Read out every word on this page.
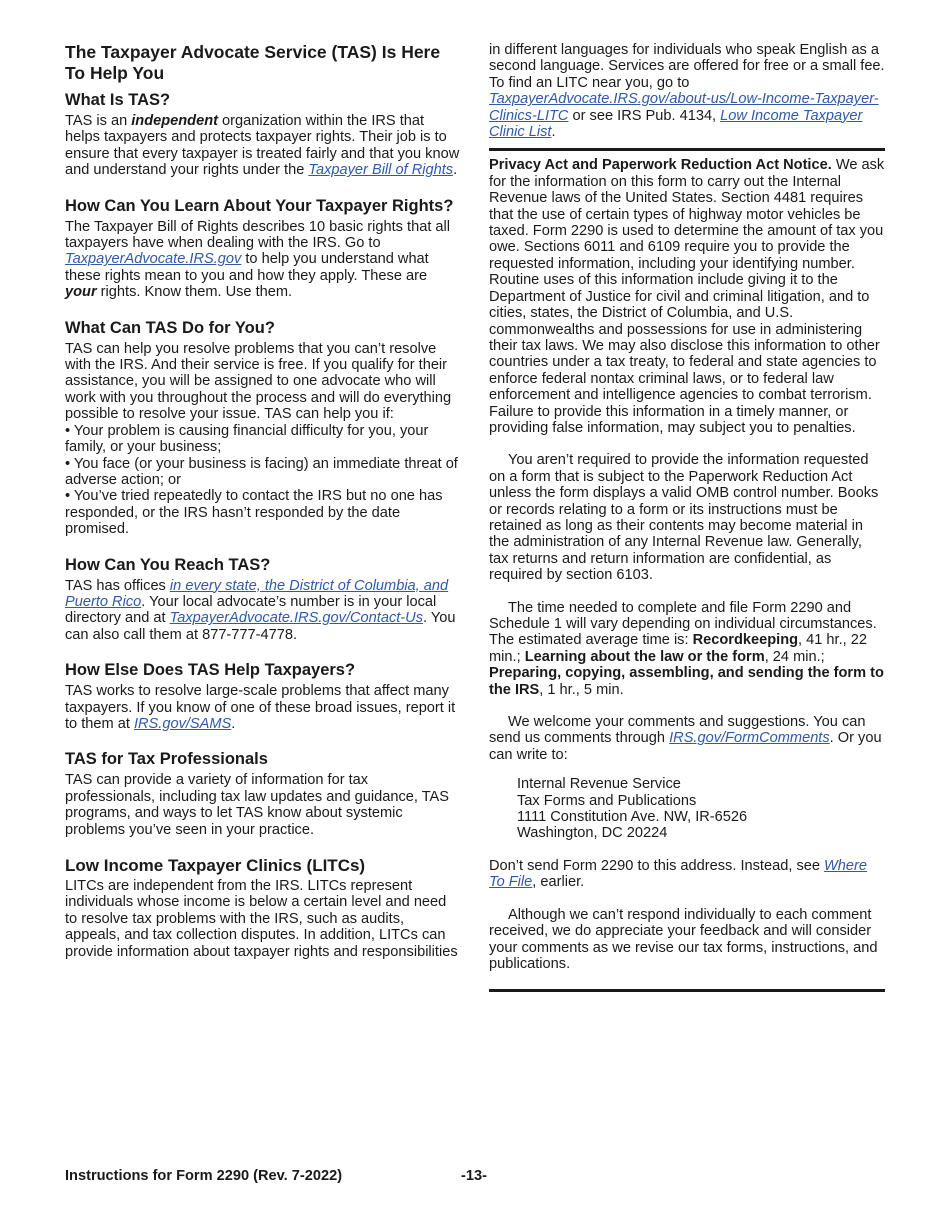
The Taxpayer Advocate Service (TAS) Is Here To Help You
What Is TAS?

TAS is an independent organization within the IRS that helps taxpayers and protects taxpayer rights. Their job is to ensure that every taxpayer is treated fairly and that you know and understand your rights under the Taxpayer Bill of Rights.

How Can You Learn About Your Taxpayer Rights?

The Taxpayer Bill of Rights describes 10 basic rights that all taxpayers have when dealing with the IRS. Go to TaxpayerAdvocate.IRS.gov to help you understand what these rights mean to you and how they apply. These are your rights. Know them. Use them.

What Can TAS Do for You?

TAS can help you resolve problems that you can’t resolve with the IRS. And their service is free. If you qualify for their assistance, you will be assigned to one advocate who will work with you throughout the process and will do everything possible to resolve your issue. TAS can help you if:

• Your problem is causing financial difficulty for you, your family, or your business;

• You face (or your business is facing) an immediate threat of adverse action; or

• You’ve tried repeatedly to contact the IRS but no one has responded, or the IRS hasn’t responded by the date promised.

How Can You Reach TAS?

TAS has offices in every state, the District of Columbia, and Puerto Rico. Your local advocate’s number is in your local directory and at TaxpayerAdvocate.IRS.gov/Contact-Us. You can also call them at 877-777-4778.

How Else Does TAS Help Taxpayers?

TAS works to resolve large-scale problems that affect many taxpayers. If you know of one of these broad issues, report it to them at IRS.gov/SAMS.

TAS for Tax Professionals

TAS can provide a variety of information for tax professionals, including tax law updates and guidance, TAS programs, and ways to let TAS know about systemic problems you’ve seen in your practice.

Low Income Taxpayer Clinics (LITCs)

LITCs are independent from the IRS. LITCs represent individuals whose income is below a certain level and need to resolve tax problems with the IRS, such as audits, appeals, and tax collection disputes. In addition, LITCs can provide information about taxpayer rights and responsibilities

in different languages for individuals who speak English as a second language. Services are offered for free or a small fee. To find an LITC near you, go to TaxpayerAdvocate.IRS.gov/about-us/Low-Income-Taxpayer-Clinics-LITC or see IRS Pub. 4134, Low Income Taxpayer Clinic List.

Privacy Act and Paperwork Reduction Act Notice. We ask for the information on this form to carry out the Internal Revenue laws of the United States. Section 4481 requires that the use of certain types of highway motor vehicles be taxed. Form 2290 is used to determine the amount of tax you owe. Sections 6011 and 6109 require you to provide the requested information, including your identifying number. Routine uses of this information include giving it to the Department of Justice for civil and criminal litigation, and to cities, states, the District of Columbia, and U.S. commonwealths and possessions for use in administering their tax laws. We may also disclose this information to other countries under a tax treaty, to federal and state agencies to enforce federal nontax criminal laws, or to federal law enforcement and intelligence agencies to combat terrorism. Failure to provide this information in a timely manner, or providing false information, may subject you to penalties.

You aren’t required to provide the information requested on a form that is subject to the Paperwork Reduction Act unless the form displays a valid OMB control number. Books or records relating to a form or its instructions must be retained as long as their contents may become material in the administration of any Internal Revenue law. Generally, tax returns and return information are confidential, as required by section 6103.

The time needed to complete and file Form 2290 and Schedule 1 will vary depending on individual circumstances. The estimated average time is: Recordkeeping, 41 hr., 22 min.; Learning about the law or the form, 24 min.; Preparing, copying, assembling, and sending the form to the IRS, 1 hr., 5 min.

We welcome your comments and suggestions. You can send us comments through IRS.gov/FormComments. Or you can write to:

Internal Revenue Service
Tax Forms and Publications
1111 Constitution Ave. NW, IR-6526
Washington, DC 20224

Don’t send Form 2290 to this address. Instead, see Where To File, earlier.

Although we can’t respond individually to each comment received, we do appreciate your feedback and will consider your comments as we revise our tax forms, instructions, and publications.

Instructions for Form 2290 (Rev. 7-2022)	-13-
